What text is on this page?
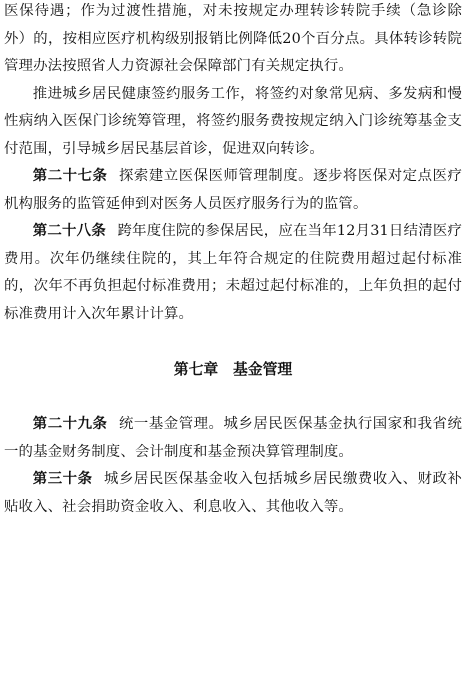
医保待遇；作为过渡性措施，对未按规定办理转诊转院手续（急诊除外）的，按相应医疗机构级别报销比例降低20个百分点。具体转诊转院管理办法按照省人力资源社会保障部门有关规定执行。

推进城乡居民健康签约服务工作，将签约对象常见病、多发病和慢性病纳入医保门诊统筹管理，将签约服务费按规定纳入门诊统筹基金支付范围，引导城乡居民基层首诊，促进双向转诊。

第二十七条 探索建立医保医师管理制度。逐步将医保对定点医疗机构服务的监管延伸到对医务人员医疗服务行为的监管。

第二十八条 跨年度住院的参保居民，应在当年12月31日结清医疗费用。次年仍继续住院的，其上年符合规定的住院费用超过起付标准的，次年不再负担起付标准费用；未超过起付标准的，上年负担的起付标准费用计入次年累计计算。

第七章 基金管理

第二十九条 统一基金管理。城乡居民医保基金执行国家和我省统一的基金财务制度、会计制度和基金预决算管理制度。

第三十条 城乡居民医保基金收入包括城乡居民缴费收入、财政补贴收入、社会捐助资金收入、利息收入、其他收入等。
